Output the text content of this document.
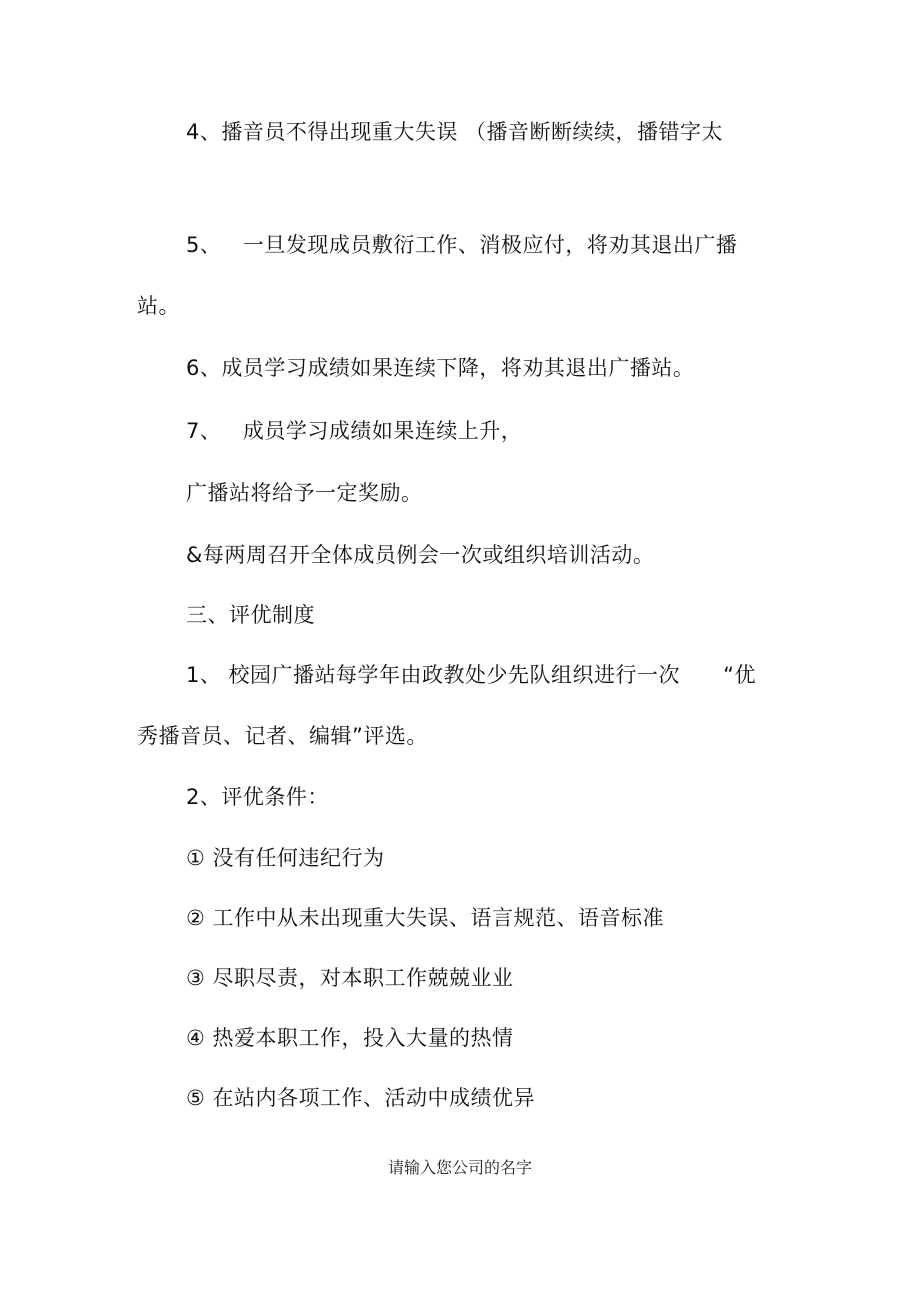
4、播音员不得出现重大失误 （播音断断续续，播错字太
5、   一旦发现成员敷衍工作、消极应付，将劝其退出广播
站。
6、成员学习成绩如果连续下降，将劝其退出广播站。
7、   成员学习成绩如果连续上升，
广播站将给予一定奖励。
&每两周召开全体成员例会一次或组织培训活动。
三、评优制度
1、 校园广播站每学年由政教处少先队组织进行一次      “优
秀播音员、记者、编辑”评选。
2、评优条件：
① 没有任何违纪行为
② 工作中从未出现重大失误、语言规范、语音标准
③ 尽职尽责，对本职工作兢兢业业
④ 热爱本职工作，投入大量的热情
⑤ 在站内各项工作、活动中成绩优异
请输入您公司的名字
